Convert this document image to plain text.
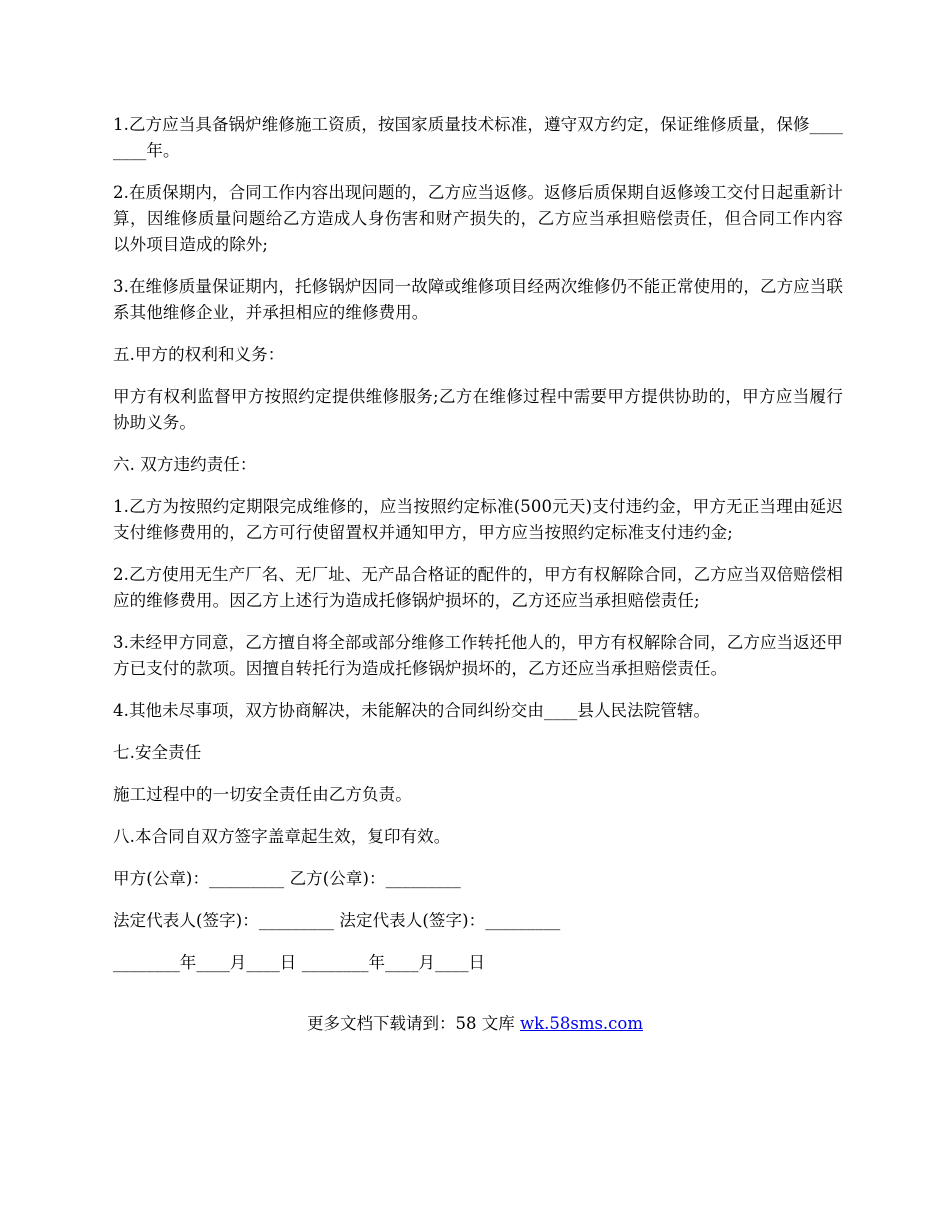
1.乙方应当具备锅炉维修施工资质，按国家质量技术标准，遵守双方约定，保证维修质量，保修________年。

2.在质保期内，合同工作内容出现问题的，乙方应当返修。返修后质保期自返修竣工交付日起重新计算，因维修质量问题给乙方造成人身伤害和财产损失的，乙方应当承担赔偿责任，但合同工作内容以外项目造成的除外;

3.在维修质量保证期内，托修锅炉因同一故障或维修项目经两次维修仍不能正常使用的，乙方应当联系其他维修企业，并承担相应的维修费用。

五.甲方的权利和义务：

甲方有权利监督甲方按照约定提供维修服务;乙方在维修过程中需要甲方提供协助的，甲方应当履行协助义务。

六. 双方违约责任：

1.乙方为按照约定期限完成维修的，应当按照约定标准(500元天)支付违约金，甲方无正当理由延迟支付维修费用的，乙方可行使留置权并通知甲方，甲方应当按照约定标准支付违约金;

2.乙方使用无生产厂名、无厂址、无产品合格证的配件的，甲方有权解除合同，乙方应当双倍赔偿相应的维修费用。因乙方上述行为造成托修锅炉损坏的，乙方还应当承担赔偿责任;

3.未经甲方同意，乙方擅自将全部或部分维修工作转托他人的，甲方有权解除合同，乙方应当返还甲方已支付的款项。因擅自转托行为造成托修锅炉损坏的，乙方还应当承担赔偿责任。

4.其他未尽事项，双方协商解决，未能解决的合同纠纷交由____县人民法院管辖。

七.安全责任

施工过程中的一切安全责任由乙方负责。

八.本合同自双方签字盖章起生效，复印有效。

甲方(公章)：_________ 乙方(公章)：_________

法定代表人(签字)：_________ 法定代表人(签字)：_________

________年____月____日 ________年____月____日

更多文档下载请到：58 文库 wk.58sms.com
